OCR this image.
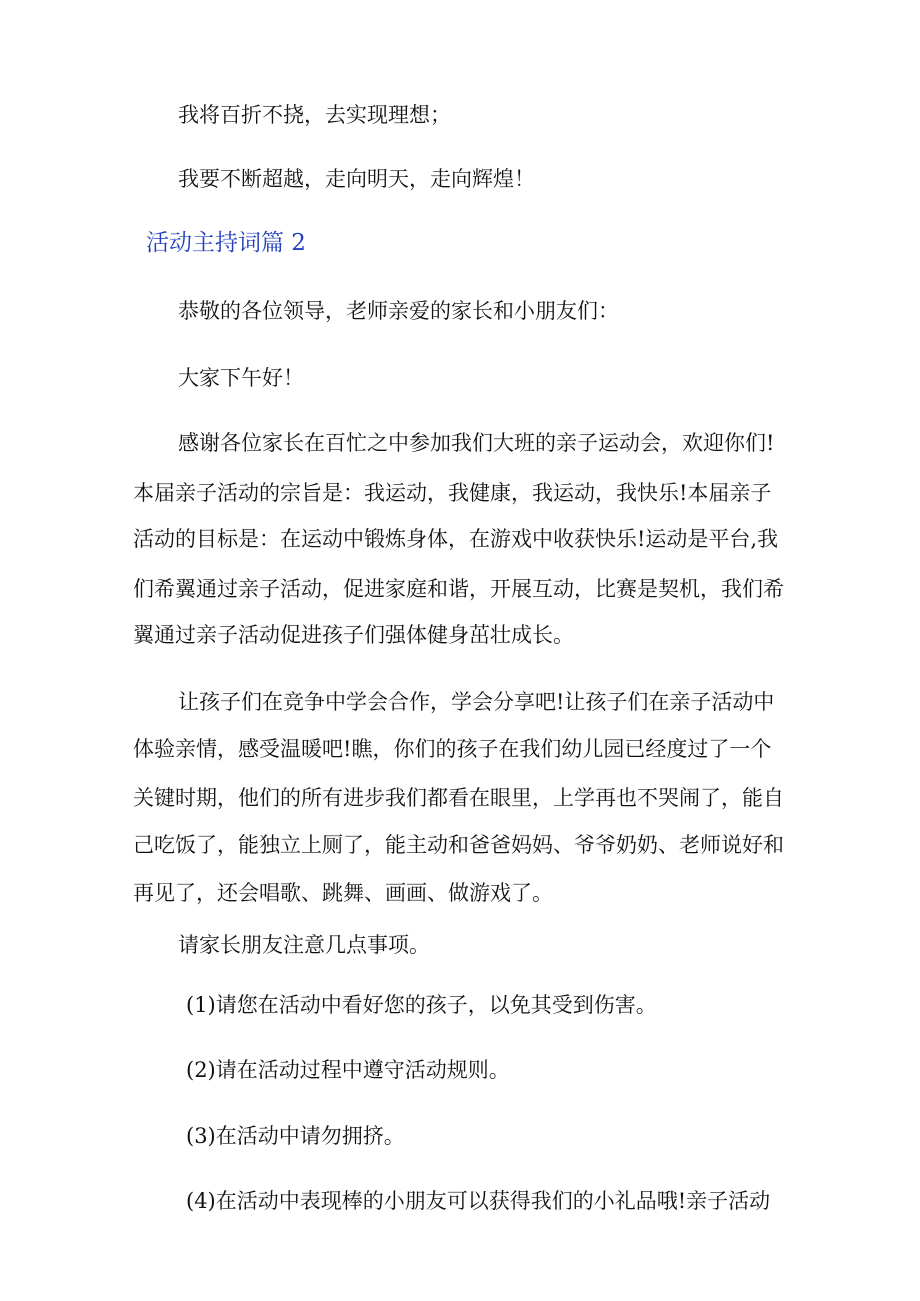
我将百折不挠，去实现理想；
我要不断超越，走向明天，走向辉煌！
活动主持词篇 2
恭敬的各位领导，老师亲爱的家长和小朋友们：
大家下午好！
感谢各位家长在百忙之中参加我们大班的亲子运动会，欢迎你们!
本届亲子活动的宗旨是：我运动，我健康，我运动，我快乐!本届亲子
活动的目标是：在运动中锻炼身体，在游戏中收获快乐!运动是平台,我
们希翼通过亲子活动，促进家庭和谐，开展互动，比赛是契机，我们希
翼通过亲子活动促进孩子们强体健身茁壮成长。
让孩子们在竞争中学会合作，学会分享吧!让孩子们在亲子活动中
体验亲情，感受温暖吧!瞧，你们的孩子在我们幼儿园已经度过了一个
关键时期，他们的所有进步我们都看在眼里，上学再也不哭闹了，能自
己吃饭了，能独立上厕了，能主动和爸爸妈妈、爷爷奶奶、老师说好和
再见了，还会唱歌、跳舞、画画、做游戏了。
请家长朋友注意几点事项。
(1)请您在活动中看好您的孩子，以免其受到伤害。
(2)请在活动过程中遵守活动规则。
(3)在活动中请勿拥挤。
(4)在活动中表现棒的小朋友可以获得我们的小礼品哦!亲子活动
